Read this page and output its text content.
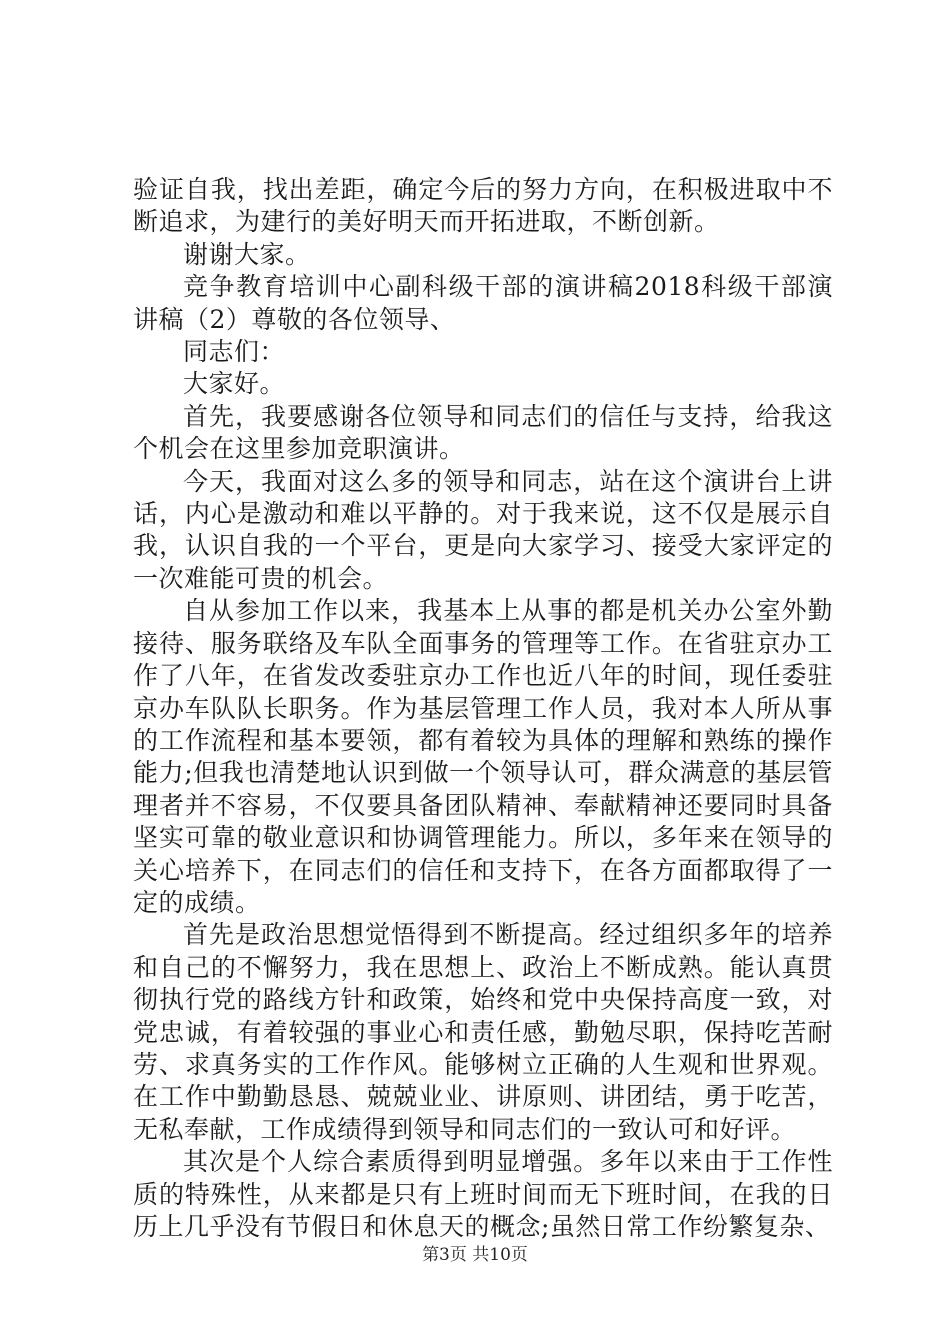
验证自我，找出差距，确定今后的努力方向，在积极进取中不断追求，为建行的美好明天而开拓进取，不断创新。

谢谢大家。

竞争教育培训中心副科级干部的演讲稿2018科级干部演讲稿（2）尊敬的各位领导、

同志们：

大家好。

首先，我要感谢各位领导和同志们的信任与支持，给我这个机会在这里参加竞职演讲。

今天，我面对这么多的领导和同志，站在这个演讲台上讲话，内心是激动和难以平静的。对于我来说，这不仅是展示自我，认识自我的一个平台，更是向大家学习、接受大家评定的一次难能可贵的机会。

自从参加工作以来，我基本上从事的都是机关办公室外勤接待、服务联络及车队全面事务的管理等工作。在省驻京办工作了八年，在省发改委驻京办工作也近八年的时间，现任委驻京办车队队长职务。作为基层管理工作人员，我对本人所从事的工作流程和基本要领，都有着较为具体的理解和熟练的操作能力;但我也清楚地认识到做一个领导认可，群众满意的基层管理者并不容易，不仅要具备团队精神、奉献精神还要同时具备坚实可靠的敬业意识和协调管理能力。所以，多年来在领导的关心培养下，在同志们的信任和支持下，在各方面都取得了一定的成绩。

首先是政治思想觉悟得到不断提高。经过组织多年的培养和自己的不懈努力，我在思想上、政治上不断成熟。能认真贯彻执行党的路线方针和政策，始终和党中央保持高度一致，对党忠诚，有着较强的事业心和责任感，勤勉尽职，保持吃苦耐劳、求真务实的工作作风。能够树立正确的人生观和世界观。在工作中勤勤恳恳、兢兢业业、讲原则、讲团结，勇于吃苦，无私奉献，工作成绩得到领导和同志们的一致认可和好评。

其次是个人综合素质得到明显增强。多年以来由于工作性质的特殊性，从来都是只有上班时间而无下班时间，在我的日历上几乎没有节假日和休息天的概念;虽然日常工作纷繁复杂、

第3页 共10页
